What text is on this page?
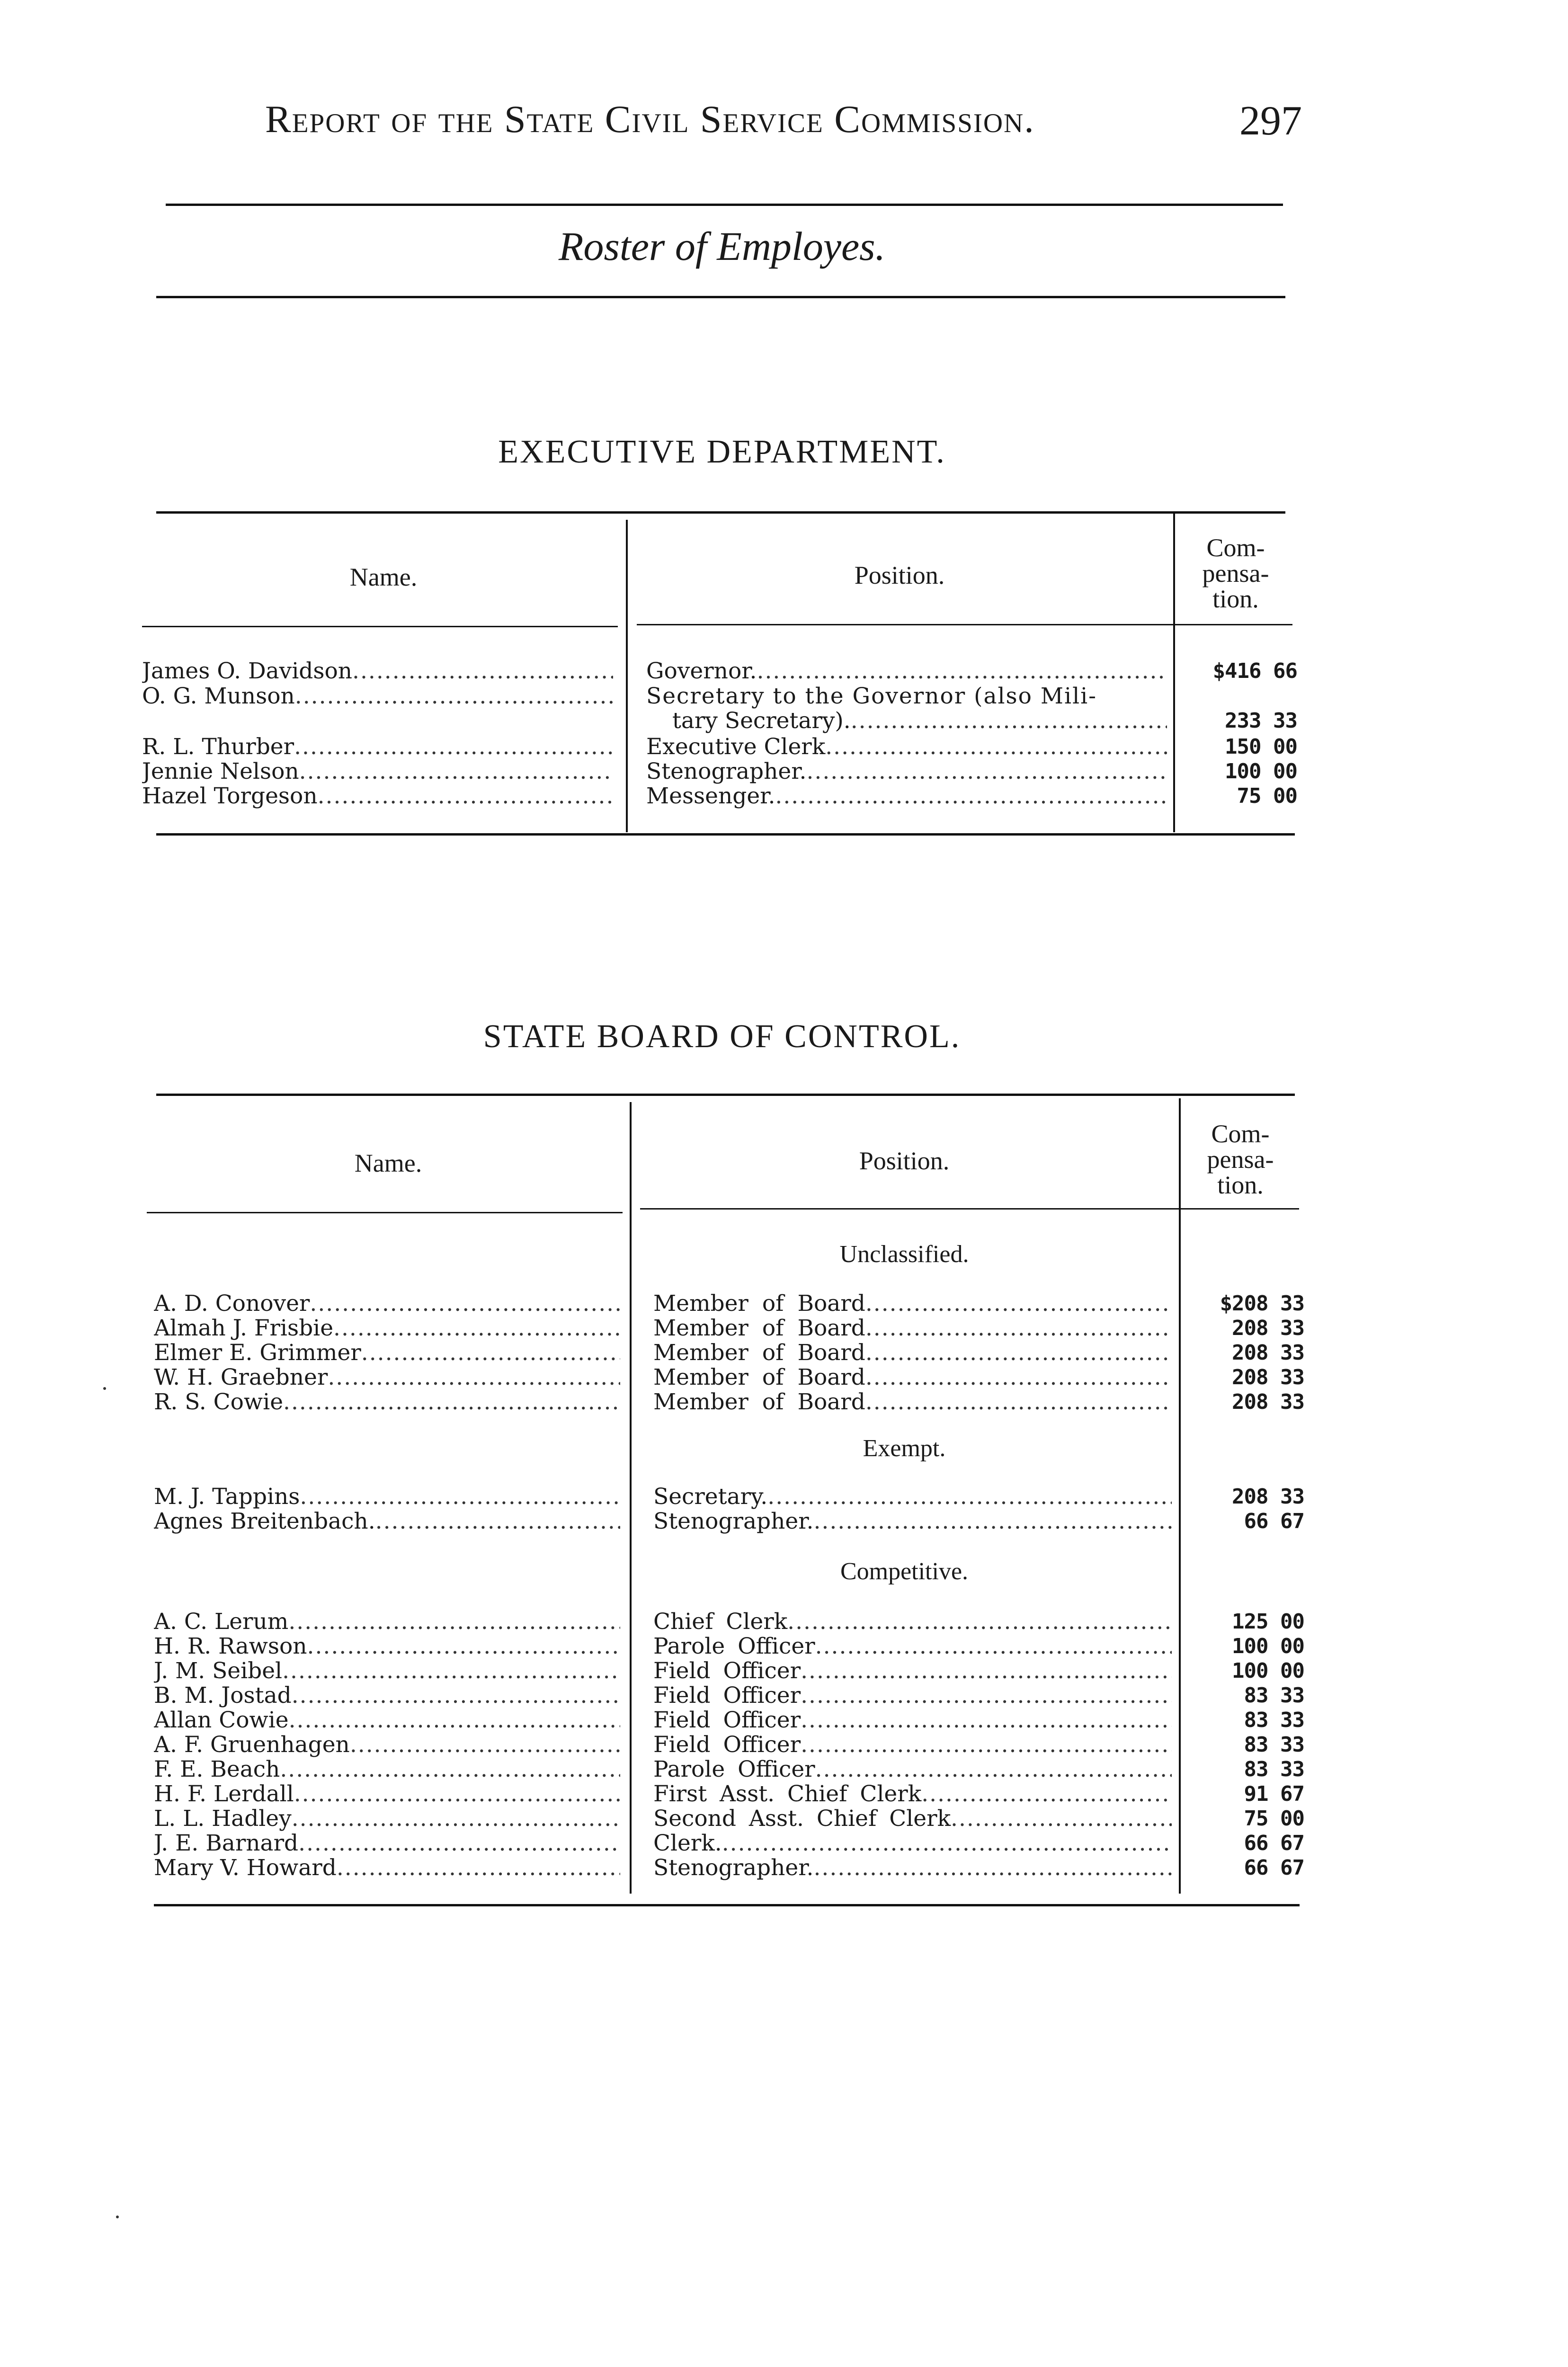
Report of the State Civil Service Commission.	297
Roster of Employes.
EXECUTIVE DEPARTMENT.
Name.	Position.
Com-
pensa-
tion.
James O. Davidson .....	Governor. .....	$416 66
O. G. Munson .....	Secretary to the Governor (also Mili-
tary Secretary). .....	233 33
R. L. Thurber .....	Executive Clerk .....	150 00
Jennie Nelson .....	Stenographer. .....	100 00
Hazel Torgeson .....	Messenger. .....	75 00
STATE BOARD OF CONTROL.
Name.	Position.
Com-
pensa-
tion.
Unclassified.
A. D. Conover .....	Member of Board .....	$208 33
Almah J. Frisbie .....	Member of Board .....	208 33
Elmer E. Grimmer .....	Member of Board .....	208 33
W. H. Graebner .....	Member of Board .....	208 33
R. S. Cowie .....	Member of Board .....	208 33
Exempt.
M. J. Tappins .....	Secretary. .....	208 33
Agnes Breitenbach. .....	Stenographer. .....	66 67
Competitive.
A. C. Lerum .....	Chief Clerk .....	125 00
H. R. Rawson .....	Parole Officer .....	100 00
J. M. Seibel .....	Field Officer .....	100 00
B. M. Jostad .....	Field Officer .....	83 33
Allan Cowie .....	Field Officer .....	83 33
A. F. Gruenhagen .....	Field Officer .....	83 33
F. E. Beach .....	Parole Officer .....	83 33
H. F. Lerdall .....	First Asst. Chief Clerk .....	91 67
L. L. Hadley .....	Second Asst. Chief Clerk .....	75 00
J. E. Barnard .....	Clerk. .....	66 67
Mary V. Howard .....	Stenographer. .....	66 67
